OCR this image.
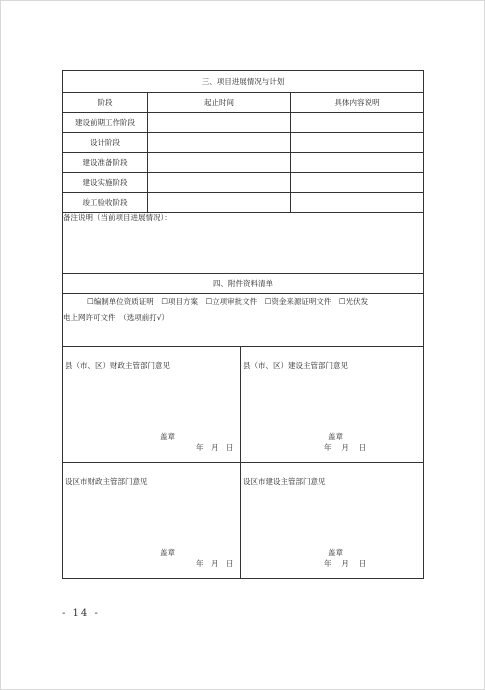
三、项目进展情况与计划			
阶段	起止时间		具体内容说明
建设前期工作阶段			
设计阶段			
建设准备阶段			
建设实施阶段			
竣工验收阶段			
备注说明（当前项目进展情况）：			
四、附件资料清单			

☐编制单位资质证明　☐项目方案　☐立项审批文件　☐资金来源证明文件　☐光伏发
电上网许可文件　（选项前打√）			

县（市、区）财政主管部门意见
盖章
年　月　日		县（市、区）建设主管部门意见
盖章
年　 月　 日	

设区市财政主管部门意见
盖章
年　月　日		设区市建设主管部门意见
盖章
年　 月　 日	
- 14 -
